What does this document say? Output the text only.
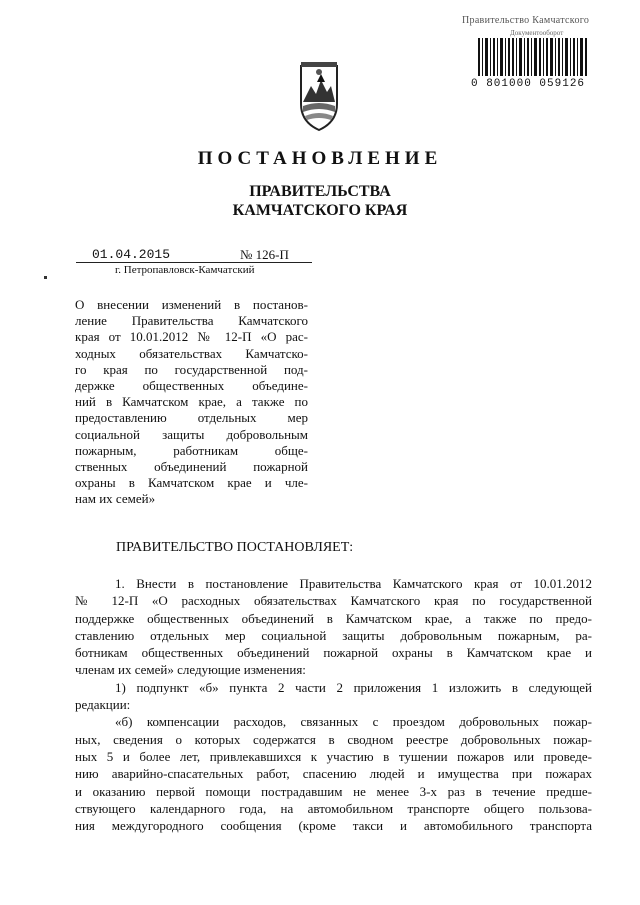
Правительство Камчатского
Документооборот
0 801000 059126
ПОСТАНОВЛЕНИЕ
ПРАВИТЕЛЬСТВА
КАМЧАТСКОГО КРАЯ
01.04.2015	№ 126-П
г. Петропавловск-Камчатский
О внесении изменений в постанов-
ление Правительства Камчатского
края от 10.01.2012 № 12-П «О рас-
ходных обязательствах Камчатско-
го края по государственной под-
держке общественных объедине-
ний в Камчатском крае, а также по
предоставлению отдельных мер
социальной защиты добровольным
пожарным, работникам обще-
ственных объединений пожарной
охраны в Камчатском крае и чле-
нам их семей»
ПРАВИТЕЛЬСТВО ПОСТАНОВЛЯЕТ:
1. Внести в постановление Правительства Камчатского края от 10.01.2012
№ 12-П «О расходных обязательствах Камчатского края по государственной
поддержке общественных объединений в Камчатском крае, а также по предо-
ставлению отдельных мер социальной защиты добровольным пожарным, ра-
ботникам общественных объединений пожарной охраны в Камчатском крае и
членам их семей» следующие изменения:
1) подпункт «б» пункта 2 части 2 приложения 1 изложить в следующей
редакции:
«б) компенсации расходов, связанных с проездом добровольных пожар-
ных, сведения о которых содержатся в сводном реестре добровольных пожар-
ных 5 и более лет, привлекавшихся к участию в тушении пожаров или проведе-
нию аварийно-спасательных работ, спасению людей и имущества при пожарах
и оказанию первой помощи пострадавшим не менее 3-х раз в течение предше-
ствующего календарного года, на автомобильном транспорте общего пользова-
ния междугородного сообщения (кроме такси и автомобильного транспорта
